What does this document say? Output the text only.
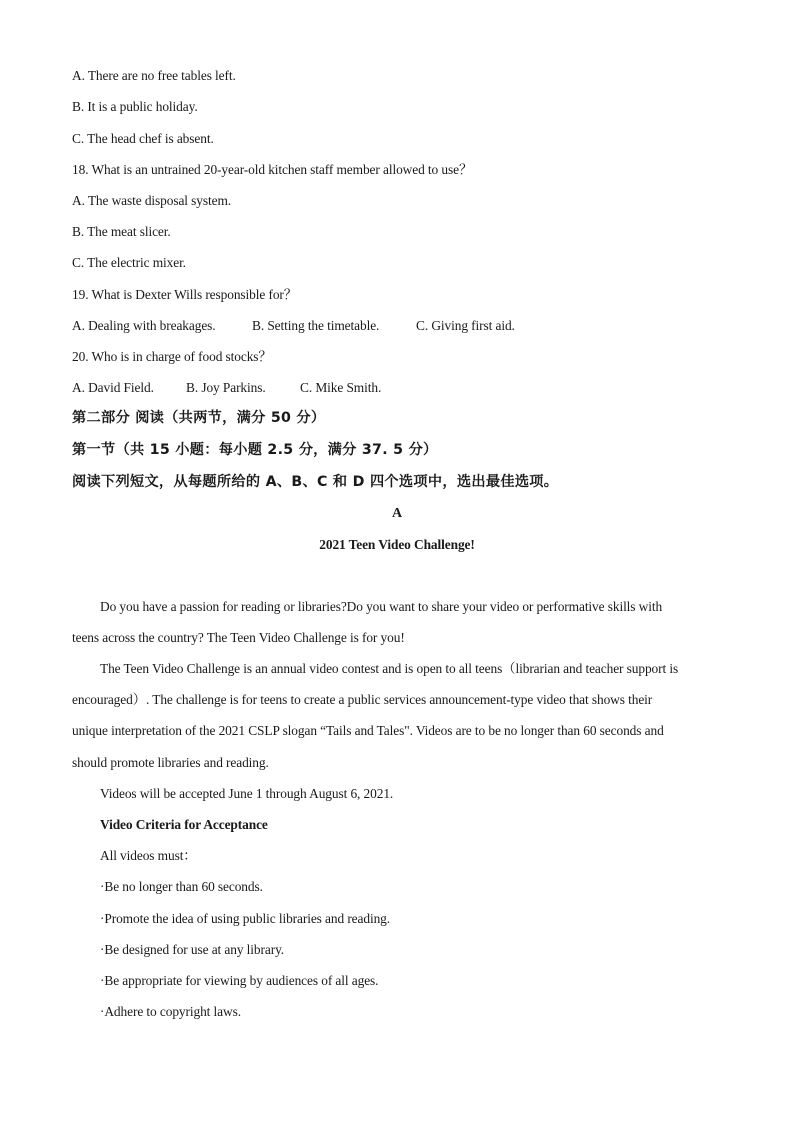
A. There are no free tables left.
B. It is a public holiday.
C. The head chef is absent.
18. What is an untrained 20-year-old kitchen staff member allowed to use？
A. The waste disposal system.
B. The meat slicer.
C. The electric mixer.
19. What is Dexter Wills responsible for？
A. Dealing with breakages.	B. Setting the timetable.	C. Giving first aid.
20. Who is in charge of food stocks？
A. David Field. B. Joy Parkins.	C. Mike Smith.
第二部分 阅读（共两节，满分 50 分）
第一节（共 15 小题：每小题 2.5 分，满分 37. 5 分）
阅读下列短文，从每题所给的 A、B、C 和 D 四个选项中，选出最佳选项。
A
2021 Teen Video Challenge!
Do you have a passion for reading or libraries?Do you want to share your video or performative skills with
teens across the country? The Teen Video Challenge is for you!
The Teen Video Challenge is an annual video contest and is open to all teens（librarian and teacher support is
encouraged）. The challenge is for teens to create a public services announcement-type video that shows their
unique interpretation of the 2021 CSLP slogan “Tails and Tales". Videos are to be no longer than 60 seconds and
should promote libraries and reading.
Videos will be accepted June 1 through August 6, 2021.
Video Criteria for Acceptance
All videos must：
·Be no longer than 60 seconds.
·Promote the idea of using public libraries and reading.
·Be designed for use at any library.
·Be appropriate for viewing by audiences of all ages.
·Adhere to copyright laws.
